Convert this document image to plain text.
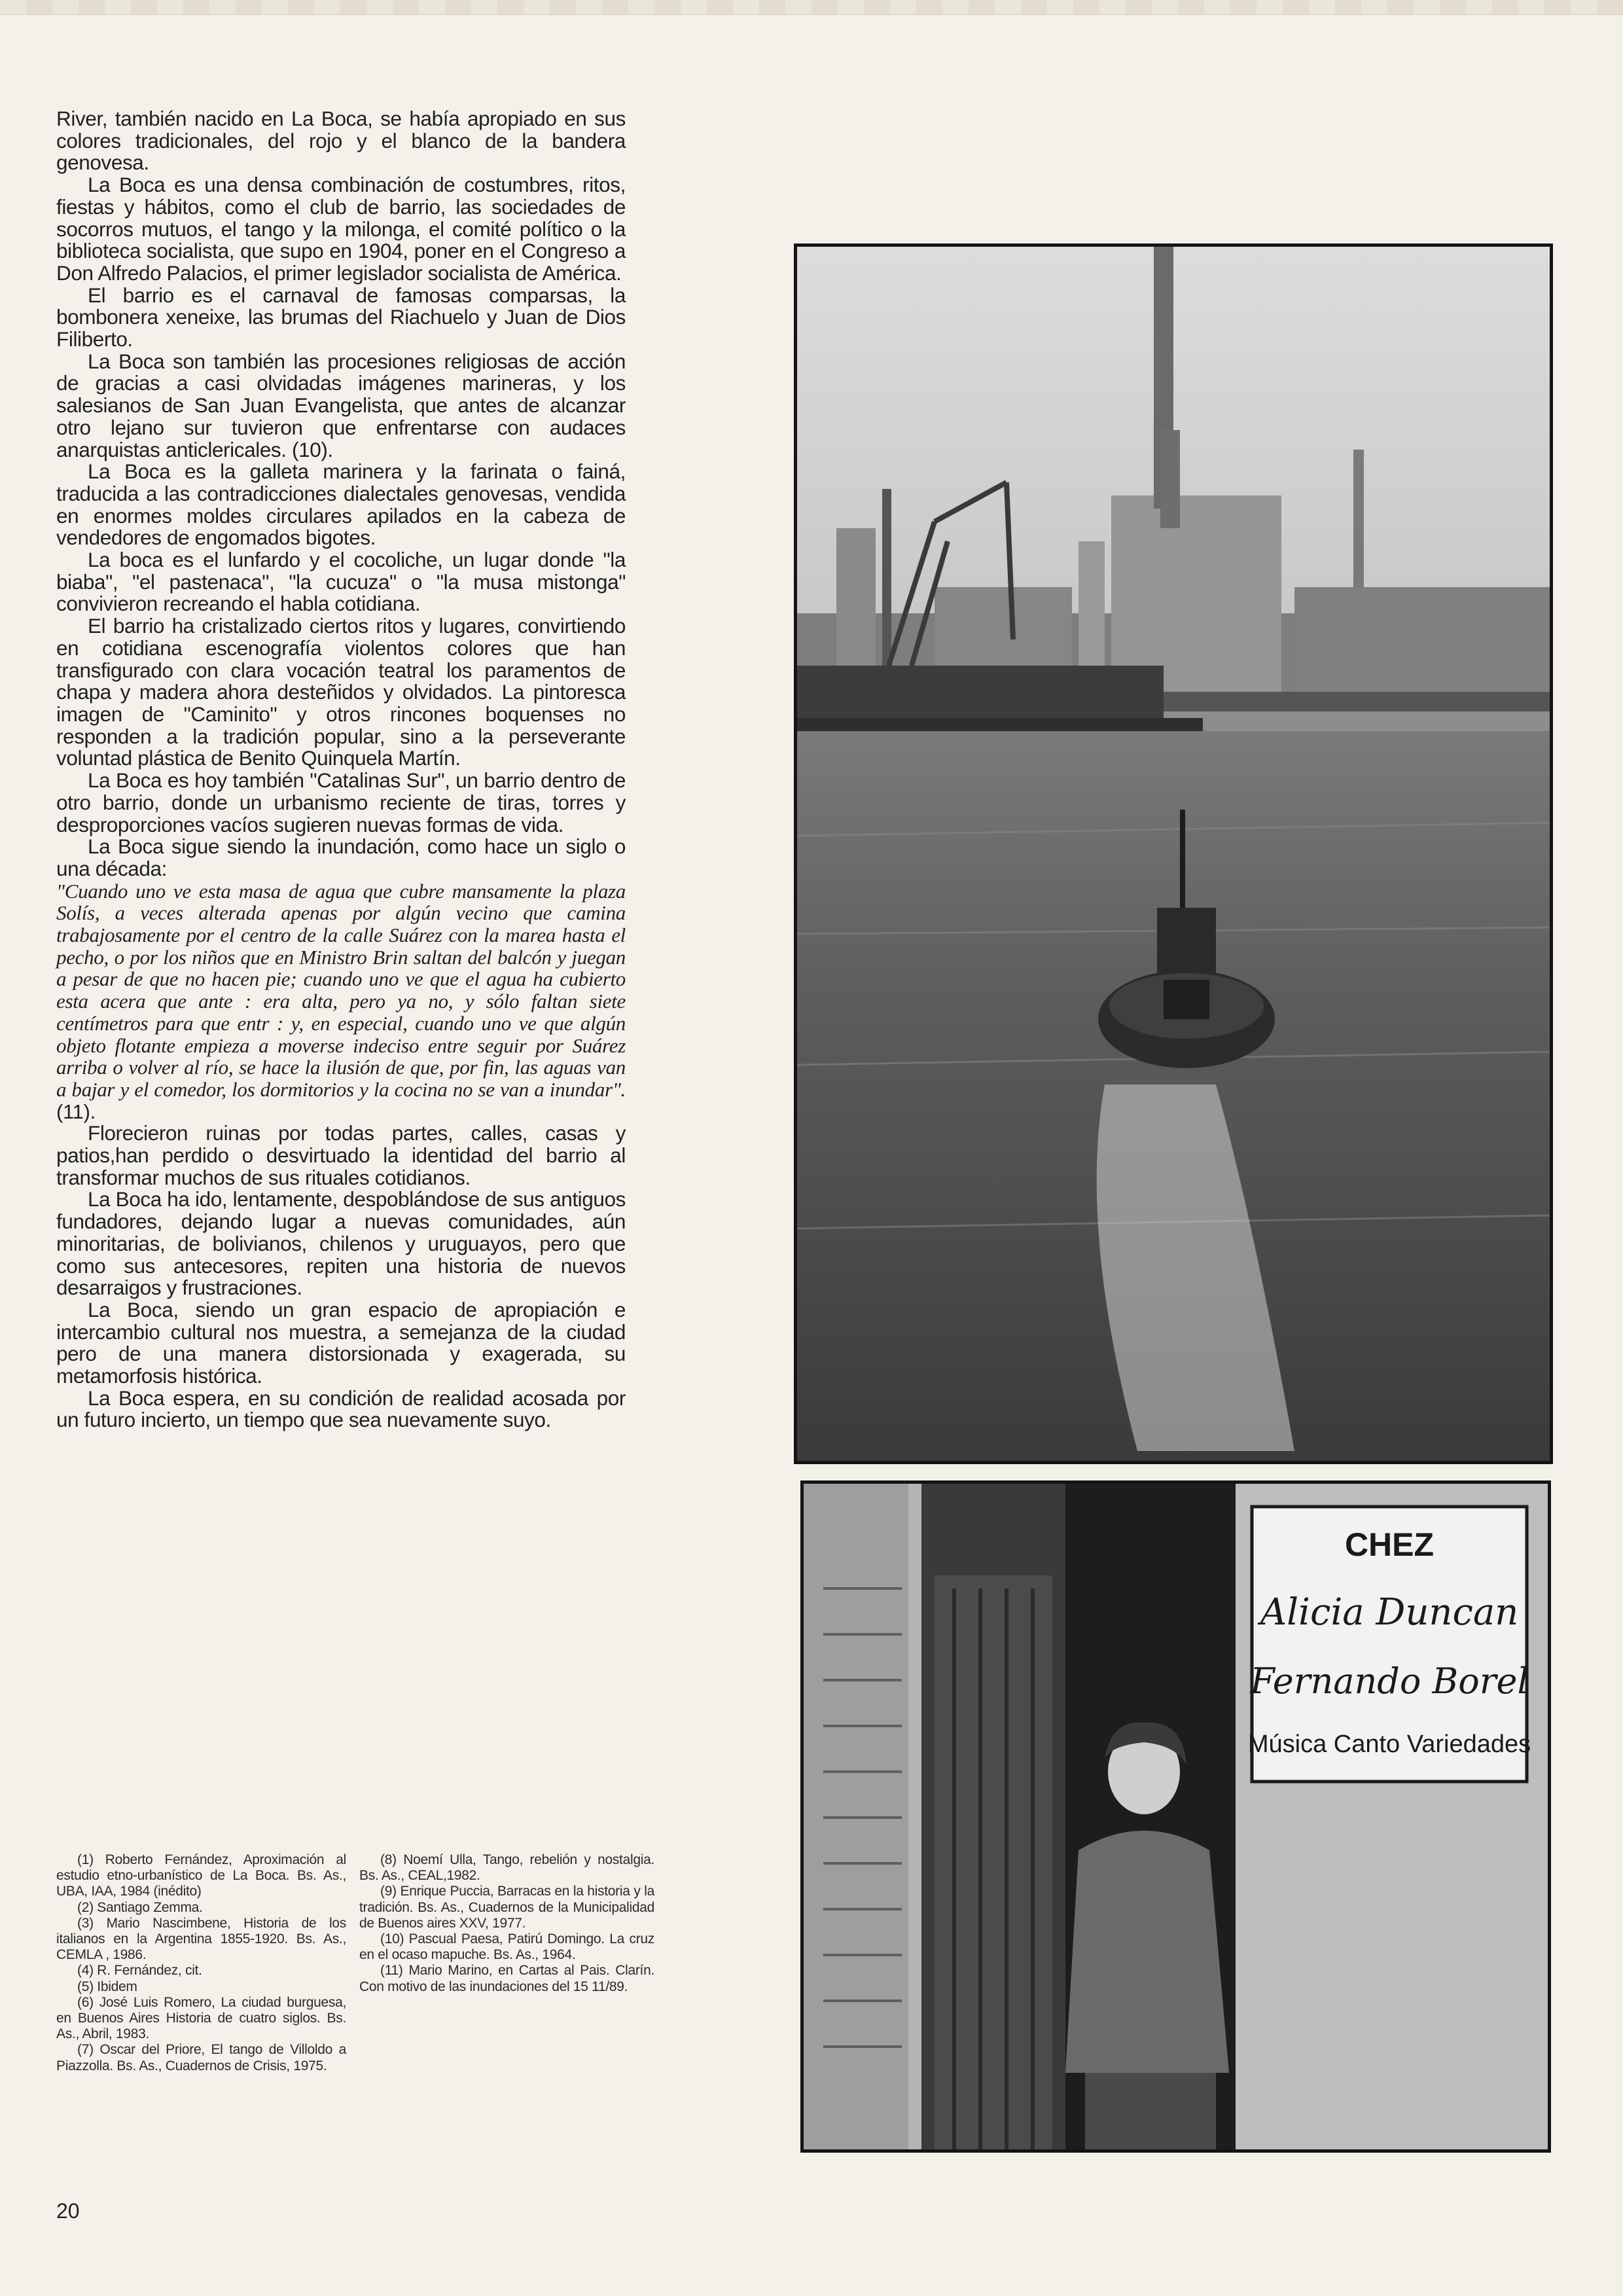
River, también nacido en La Boca, se había apropiado en sus colores tradicionales, del rojo y el blanco de la bandera genovesa.

La Boca es una densa combinación de costumbres, ritos, fiestas y hábitos, como el club de barrio, las sociedades de socorros mutuos, el tango y la milonga, el comité político o la biblioteca socialista, que supo en 1904, poner en el Congreso a Don Alfredo Palacios, el primer legislador socialista de América.

El barrio es el carnaval de famosas comparsas, la bombonera xeneixe, las brumas del Riachuelo y Juan de Dios Filiberto.

La Boca son también las procesiones religiosas de acción de gracias a casi olvidadas imágenes marineras, y los salesianos de San Juan Evangelista, que antes de alcanzar otro lejano sur tuvieron que enfrentarse con audaces anarquistas anticlericales. (10).

La Boca es la galleta marinera y la farinata o fainá, traducida a las contradicciones dialectales genovesas, vendida en enormes moldes circulares apilados en la cabeza de vendedores de engomados bigotes.

La boca es el lunfardo y el cocoliche, un lugar donde "la biaba", "el pastenaca", "la cucuza" o "la musa mistonga" convivieron recreando el habla cotidiana.

El barrio ha cristalizado ciertos ritos y lugares, convirtiendo en cotidiana escenografía violentos colores que han transfigurado con clara vocación teatral los paramentos de chapa y madera ahora desteñidos y olvidados. La pintoresca imagen de "Caminito" y otros rincones boquenses no responden a la tradición popular, sino a la perseverante voluntad plástica de Benito Quinquela Martín.

La Boca es hoy también "Catalinas Sur", un barrio dentro de otro barrio, donde un urbanismo reciente de tiras, torres y desproporciones vacíos sugieren nuevas formas de vida.

La Boca sigue siendo la inundación, como hace un siglo o una década:

"Cuando uno ve esta masa de agua que cubre mansamente la plaza Solís, a veces alterada apenas por algún vecino que camina trabajosamente por el centro de la calle Suárez con la marea hasta el pecho, o por los niños que en Ministro Brin saltan del balcón y juegan a pesar de que no hacen pie; cuando uno ve que el agua ha cubierto esta acera que ante : era alta, pero ya no, y sólo faltan siete centímetros para que entr : y, en especial, cuando uno ve que algún objeto flotante empieza a moverse indeciso entre seguir por Suárez arriba o volver al río, se hace la ilusión de que, por fin, las aguas van a bajar y el comedor, los dormitorios y la cocina no se van a inundar". (11).

Florecieron ruinas por todas partes, calles, casas y patios,han perdido o desvirtuado la identidad del barrio al transformar muchos de sus rituales cotidianos.

La Boca ha ido, lentamente, despoblándose de sus antiguos fundadores, dejando lugar a nuevas comunidades, aún minoritarias, de bolivianos, chilenos y uruguayos, pero que como sus antecesores, repiten una historia de nuevos desarraigos y frustraciones.

La Boca, siendo un gran espacio de apropiación e intercambio cultural nos muestra, a semejanza de la ciudad pero de una manera distorsionada y exagerada, su metamorfosis histórica.

La Boca espera, en su condición de realidad acosada por un futuro incierto, un tiempo que sea nuevamente suyo.

CHEZ
Alicia Duncan
Fernando Borel
Música Canto Variedades

(1) Roberto Fernández, Aproximación al estudio etno-urbanístico de La Boca. Bs. As., UBA, IAA, 1984 (inédito)

(2) Santiago Zemma.

(3) Mario Nascimbene, Historia de los italianos en la Argentina 1855-1920. Bs. As., CEMLA , 1986.

(4) R. Fernández, cit.

(5) Ibidem

(6) José Luis Romero, La ciudad burguesa, en Buenos Aires Historia de cuatro siglos. Bs. As., Abril, 1983.

(7) Oscar del Priore, El tango de Villoldo a Piazzolla. Bs. As., Cuadernos de Crisis, 1975.

(8) Noemí Ulla, Tango, rebelión y nostalgia. Bs. As., CEAL,1982.

(9) Enrique Puccia, Barracas en la historia y la tradición. Bs. As., Cuadernos de la Municipalidad de Buenos aires XXV, 1977.

(10) Pascual Paesa, Patirú Domingo. La cruz en el ocaso mapuche. Bs. As., 1964.

(11) Mario Marino, en Cartas al Pais. Clarín. Con motivo de las inundaciones del 15 11/89.

20
